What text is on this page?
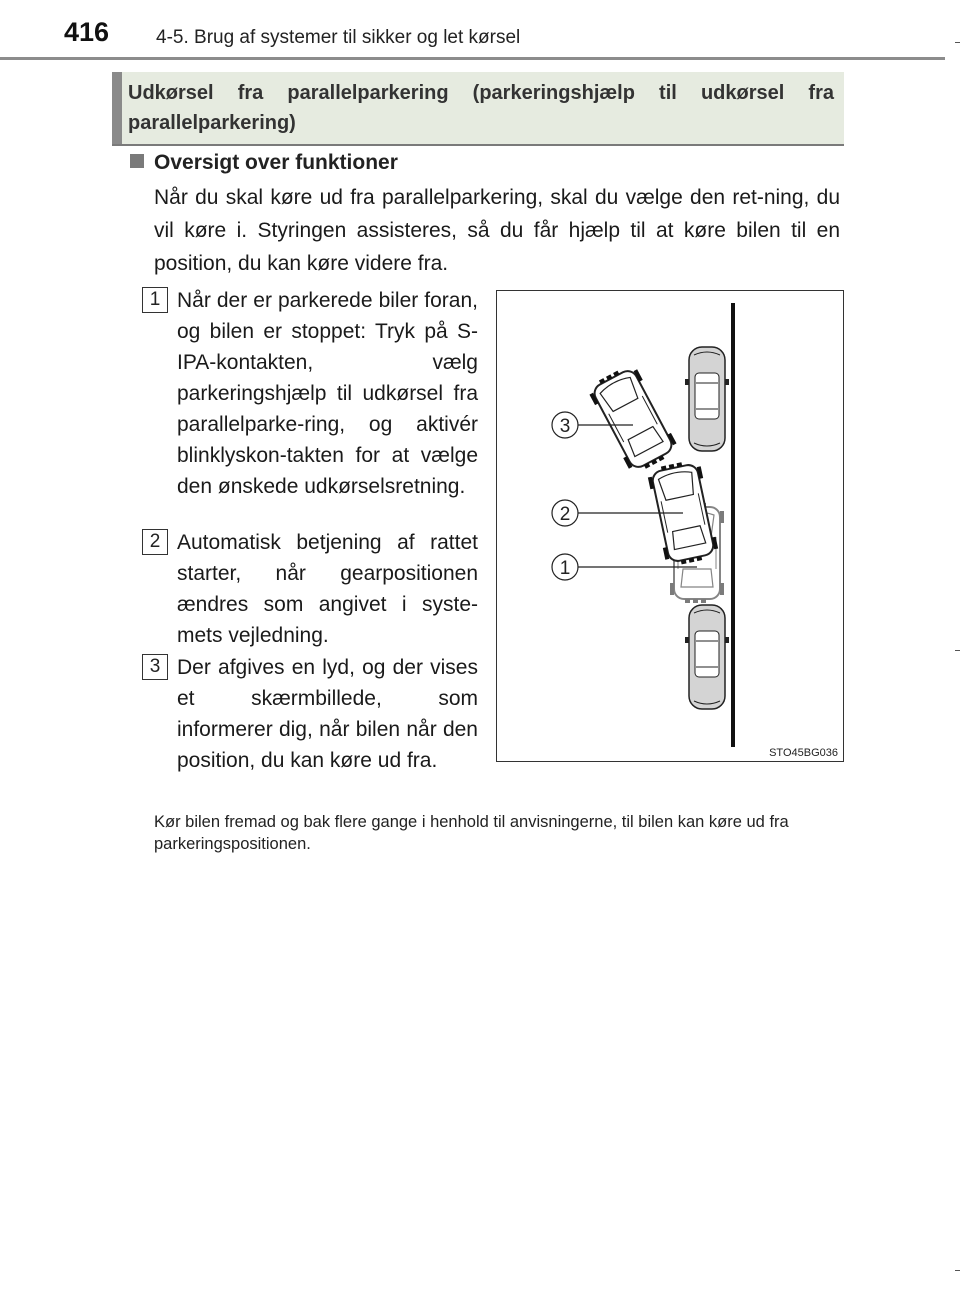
416 4-5. Brug af systemer til sikker og let kørsel
Udkørsel fra parallelparkering (parkeringshjælp til udkørsel fra parallelparkering)
Oversigt over funktioner

Når du skal køre ud fra parallelparkering, skal du vælge den ret-ning, du vil køre i. Styringen assisteres, så du får hjælp til at køre bilen til en position, du kan køre videre fra.

1 Når der er parkerede biler foran, og bilen er stoppet: Tryk på S-IPA-kontakten, vælg parkeringshjælp til udkørsel fra parallelparke-ring, og aktivér blinklyskon-takten for at vælge den ønskede udkørselsretning.

2 Automatisk betjening af rattet starter, når gearpositionen ændres som angivet i syste-mets vejledning.

3 Der afgives en lyd, og der vises et skærmbillede, som informerer dig, når bilen når den position, du kan køre ud fra.

3
2
1
STO45BG036

Kør bilen fremad og bak flere gange i henhold til anvisningerne, til bilen kan køre ud fra parkeringspositionen.
